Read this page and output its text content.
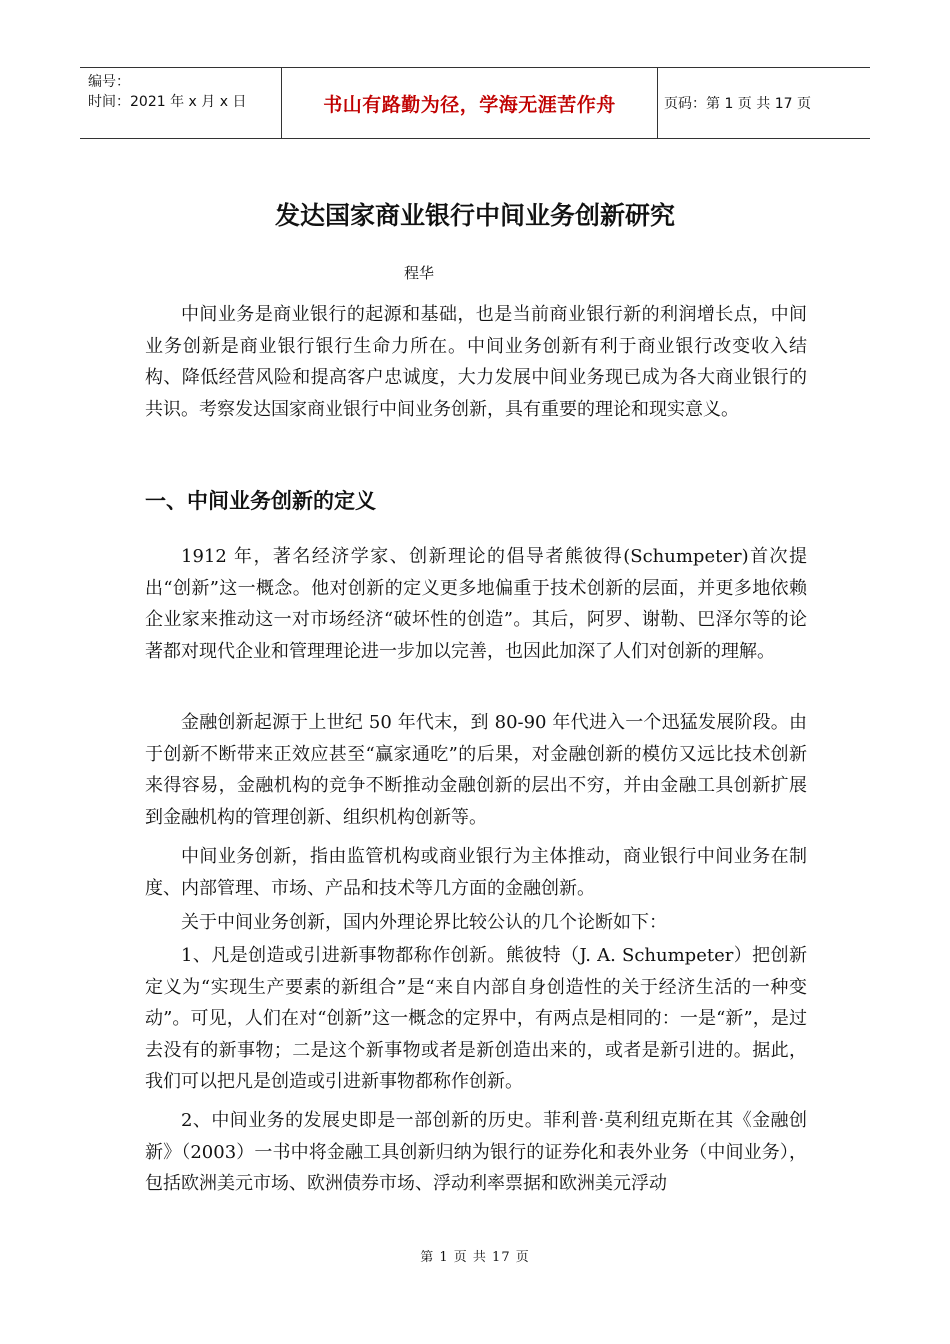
编号：
时间：2021 年 x 月 x 日	书山有路勤为径，学海无涯苦作舟	页码：第 1 页 共 17 页
发达国家商业银行中间业务创新研究
程华

中间业务是商业银行的起源和基础，也是当前商业银行新的利润增长点，中间业务创新是商业银行银行生命力所在。中间业务创新有利于商业银行改变收入结构、降低经营风险和提高客户忠诚度，大力发展中间业务现已成为各大商业银行的共识。考察发达国家商业银行中间业务创新，具有重要的理论和现实意义。

一、中间业务创新的定义

1912 年，著名经济学家、创新理论的倡导者熊彼得(Schumpeter)首次提出“创新”这一概念。他对创新的定义更多地偏重于技术创新的层面，并更多地依赖企业家来推动这一对市场经济“破坏性的创造”。其后，阿罗、谢勒、巴泽尔等的论著都对现代企业和管理理论进一步加以完善，也因此加深了人们对创新的理解。

金融创新起源于上世纪 50 年代末，到 80-90 年代进入一个迅猛发展阶段。由于创新不断带来正效应甚至“赢家通吃”的后果，对金融创新的模仿又远比技术创新来得容易，金融机构的竞争不断推动金融创新的层出不穷，并由金融工具创新扩展到金融机构的管理创新、组织机构创新等。

中间业务创新，指由监管机构或商业银行为主体推动，商业银行中间业务在制度、内部管理、市场、产品和技术等几方面的金融创新。

关于中间业务创新，国内外理论界比较公认的几个论断如下：

1、凡是创造或引进新事物都称作创新。熊彼特（J. A. Schumpeter）把创新定义为“实现生产要素的新组合”是“来自内部自身创造性的关于经济生活的一种变动”。可见，人们在对“创新”这一概念的定界中，有两点是相同的：一是“新”，是过去没有的新事物；二是这个新事物或者是新创造出来的，或者是新引进的。据此，我们可以把凡是创造或引进新事物都称作创新。

2、中间业务的发展史即是一部创新的历史。菲利普·莫利纽克斯在其《金融创新》（2003）一书中将金融工具创新归纳为银行的证券化和表外业务（中间业务），包括欧洲美元市场、欧洲债券市场、浮动利率票据和欧洲美元浮动

第 1 页 共 17 页
